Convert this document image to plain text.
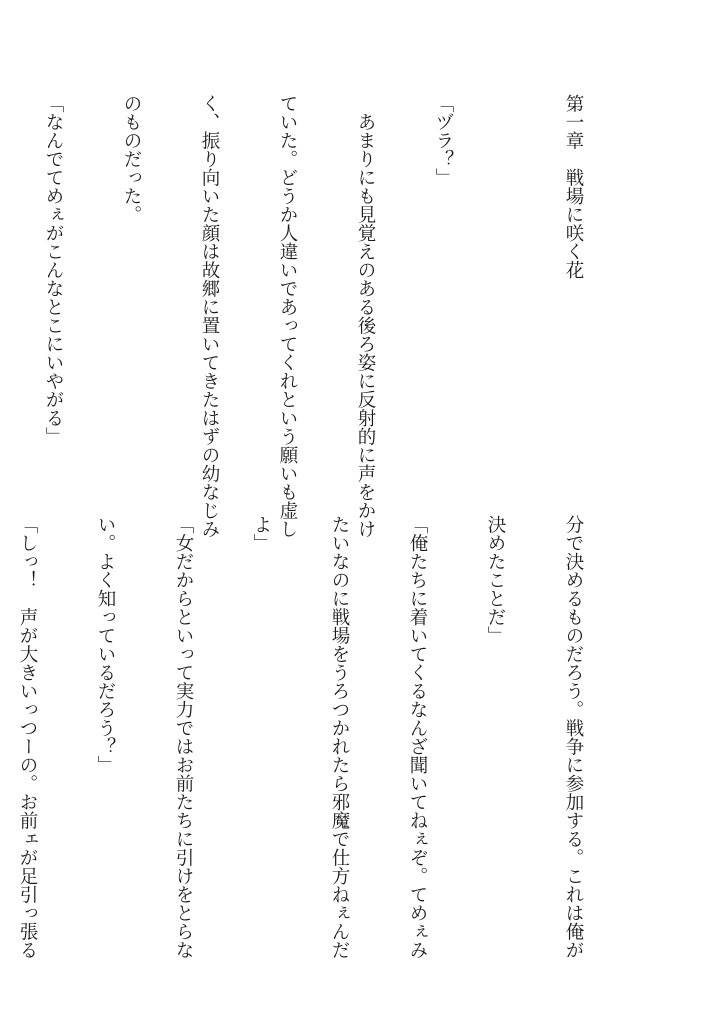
第一章　戦場に咲く花

「ヅラ？」

　あまりにも見覚えのある後ろ姿に反射的に声をかけ

ていた。どうか人違いであってくれという願いも虚し

く、振り向いた顔は故郷に置いてきたはずの幼なじみ

のものだった。

「なんでてめぇがこんなとこにいやがる」

分で決めるものだろう。戦争に参加する。これは俺が

決めたことだ」

「俺たちに着いてくるなんざ聞いてねぇぞ。てめぇみ

たいなのに戦場をうろつかれたら邪魔で仕方ねぇんだ

よ」

「女だからといって実力ではお前たちに引けをとらな

い。よく知っているだろう？」

「しっ！　声が大きいっつーの。お前ェが足引っ張る
